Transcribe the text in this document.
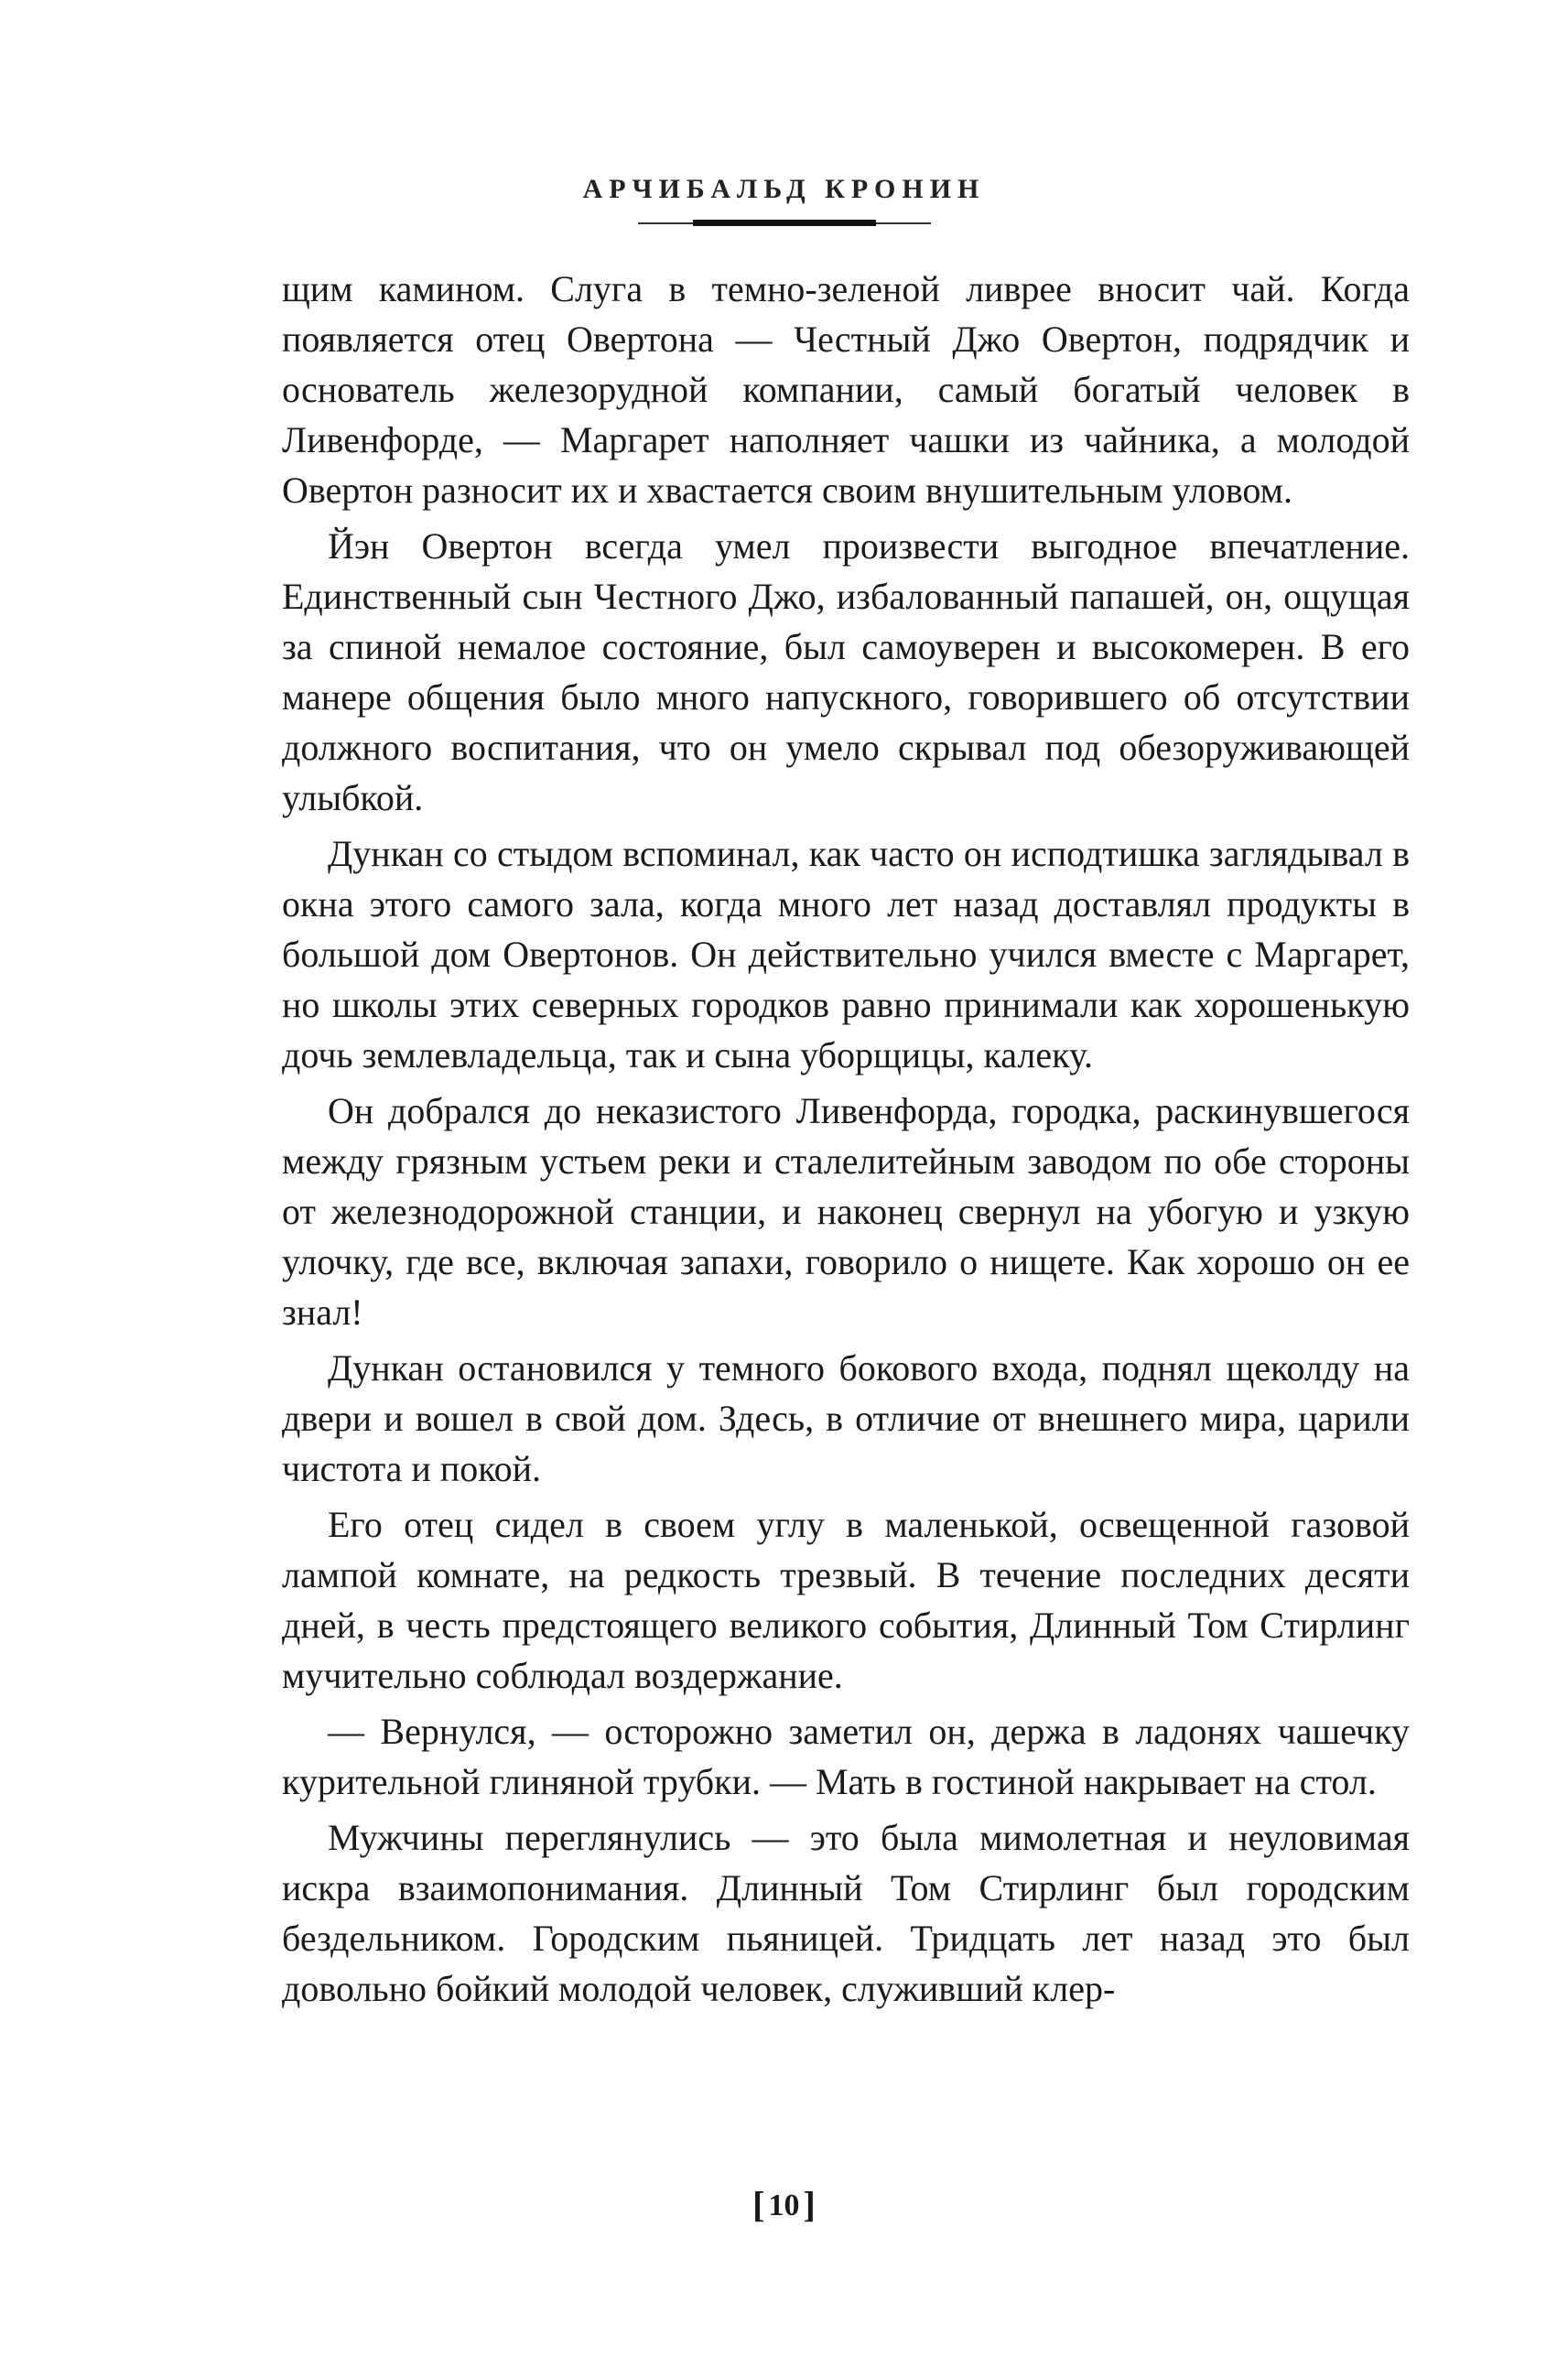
АРЧИБАЛЬД КРОНИН

щим камином. Слуга в темно-зеленой ливрее вносит чай. Когда появляется отец Овертона — Честный Джо Овертон, подрядчик и основатель железорудной компании, самый богатый человек в Ливенфорде, — Маргарет наполняет чашки из чайника, а молодой Овертон разносит их и хвастается своим внушительным уловом.

Йэн Овертон всегда умел произвести выгодное впечатление. Единственный сын Честного Джо, избалованный папашей, он, ощущая за спиной немалое состояние, был самоуверен и высокомерен. В его манере общения было много напускного, говорившего об отсутствии должного воспитания, что он умело скрывал под обезоруживающей улыбкой.

Дункан со стыдом вспоминал, как часто он исподтишка заглядывал в окна этого самого зала, когда много лет назад доставлял продукты в большой дом Овертонов. Он действительно учился вместе с Маргарет, но школы этих северных городков равно принимали как хорошенькую дочь землевладельца, так и сына уборщицы, калеку.

Он добрался до неказистого Ливенфорда, городка, раскинувшегося между грязным устьем реки и сталелитейным заводом по обе стороны от железнодорожной станции, и наконец свернул на убогую и узкую улочку, где все, включая запахи, говорило о нищете. Как хорошо он ее знал!

Дункан остановился у темного бокового входа, поднял щеколду на двери и вошел в свой дом. Здесь, в отличие от внешнего мира, царили чистота и покой.

Его отец сидел в своем углу в маленькой, освещенной газовой лампой комнате, на редкость трезвый. В течение последних десяти дней, в честь предстоящего великого события, Длинный Том Стирлинг мучительно соблюдал воздержание.

— Вернулся, — осторожно заметил он, держа в ладонях чашечку курительной глиняной трубки. — Мать в гостиной накрывает на стол.

Мужчины переглянулись — это была мимолетная и неуловимая искра взаимопонимания. Длинный Том Стирлинг был городским бездельником. Городским пьяницей. Тридцать лет назад это был довольно бойкий молодой человек, служивший клер-

[ 10 ]
